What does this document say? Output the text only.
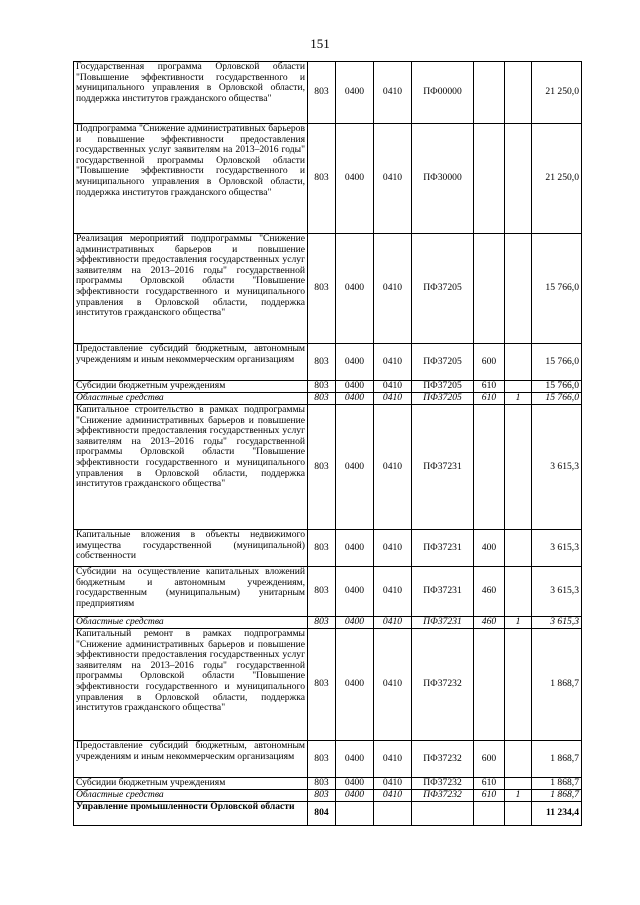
151
Государственная программа Орловской области "Повышение эффективности государственного и муниципального управления в Орловской области, поддержка институтов гражданского общества"	803	0400	0410	ПФ00000			21 250,0
Подпрограмма "Снижение административных барьеров и повышение эффективности предоставления государственных услуг заявителям на 2013–2016 годы" государственной программы Орловской области "Повышение эффективности государственного и муниципального управления в Орловской области, поддержка институтов гражданского общества"	803	0400	0410	ПФ30000			21 250,0
Реализация мероприятий подпрограммы "Снижение административных барьеров и повышение эффективности предоставления государственных услуг заявителям на 2013–2016 годы" государственной программы Орловской области "Повышение эффективности государственного и муниципального управления в Орловской области, поддержка институтов гражданского общества"	803	0400	0410	ПФ37205			15 766,0
Предоставление субсидий бюджетным, автономным учреждениям и иным некоммерческим организациям	803	0400	0410	ПФ37205	600		15 766,0
Субсидии бюджетным учреждениям	803	0400	0410	ПФ37205	610		15 766,0
Областные средства	803	0400	0410	ПФ37205	610	1	15 766,0
Капитальное строительство в рамках подпрограммы "Снижение административных барьеров и повышение эффективности предоставления государственных услуг заявителям на 2013–2016 годы" государственной программы Орловской области "Повышение эффективности государственного и муниципального управления в Орловской области, поддержка институтов гражданского общества"	803	0400	0410	ПФ37231			3 615,3
Капитальные вложения в объекты недвижимого имущества государственной (муниципальной) собственности	803	0400	0410	ПФ37231	400		3 615,3
Субсидии на осуществление капитальных вложений бюджетным и автономным учреждениям, государственным (муниципальным) унитарным предприятиям	803	0400	0410	ПФ37231	460		3 615,3
Областные средства	803	0400	0410	ПФ37231	460	1	3 615,3
Капитальный ремонт в рамках подпрограммы "Снижение административных барьеров и повышение эффективности предоставления государственных услуг заявителям на 2013–2016 годы" государственной программы Орловской области "Повышение эффективности государственного и муниципального управления в Орловской области, поддержка институтов гражданского общества"	803	0400	0410	ПФ37232			1 868,7
Предоставление субсидий бюджетным, автономным учреждениям и иным некоммерческим организациям	803	0400	0410	ПФ37232	600		1 868,7
Субсидии бюджетным учреждениям	803	0400	0410	ПФ37232	610		1 868,7
Областные средства	803	0400	0410	ПФ37232	610	1	1 868,7
Управление промышленности Орловской области	804						11 234,4
